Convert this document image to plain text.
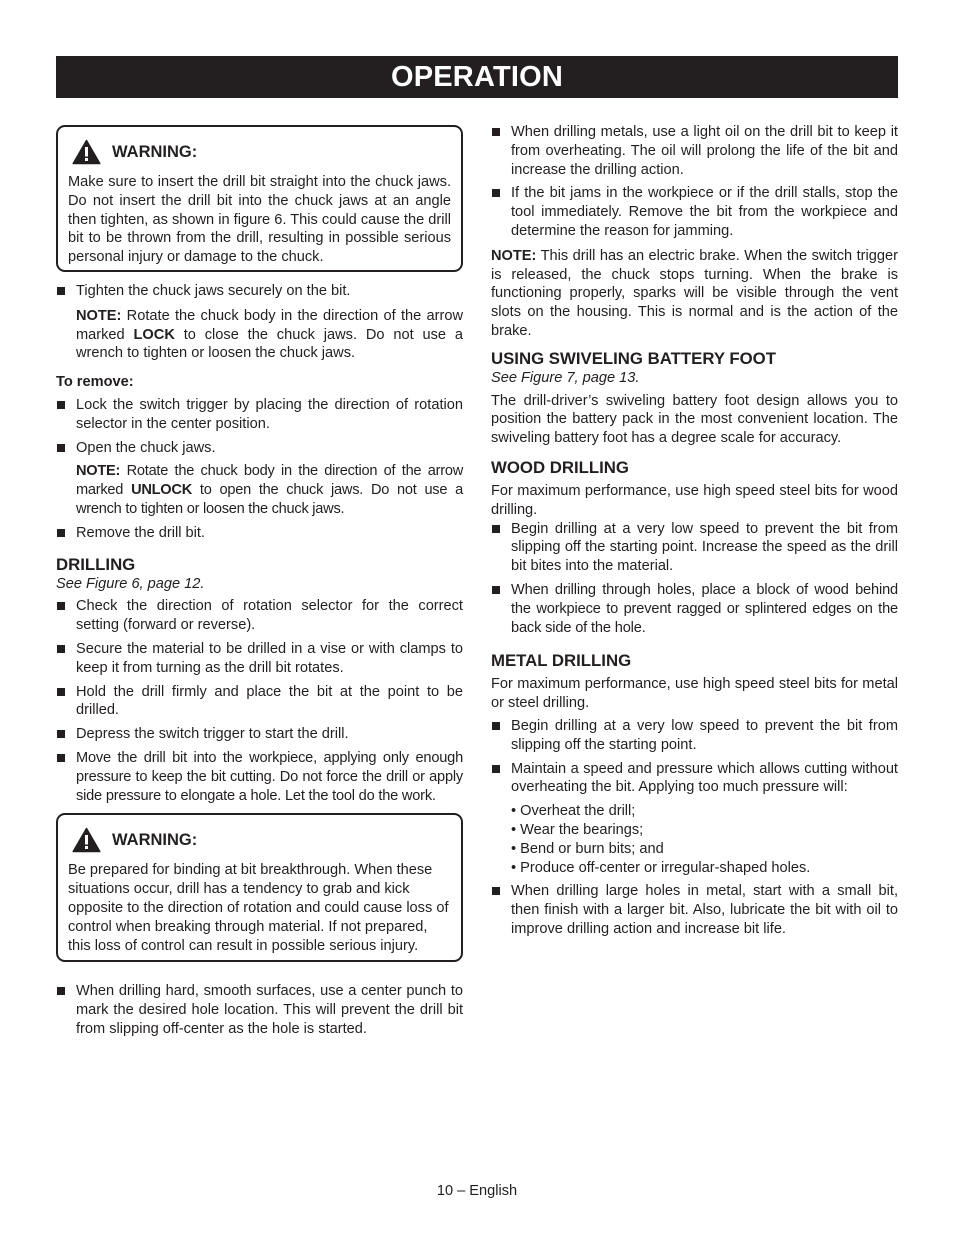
OPERATION
WARNING:
Make sure to insert the drill bit straight into the chuck jaws. Do not insert the drill bit into the chuck jaws at an angle then tighten, as shown in figure 6. This could cause the drill bit to be thrown from the drill, resulting in possible serious personal injury or damage to the chuck.
Tighten the chuck jaws securely on the bit.
NOTE: Rotate the chuck body in the direction of the arrow marked LOCK to close the chuck jaws. Do not use a wrench to tighten or loosen the chuck jaws.
To remove:
Lock the switch trigger by placing the direction of rotation selector in the center position.
Open the chuck jaws.
NOTE: Rotate the chuck body in the direction of the arrow marked UNLOCK to open the chuck jaws. Do not use a wrench to tighten or loosen the chuck jaws.
Remove the drill bit.
DRILLING
See Figure 6, page 12.
Check the direction of rotation selector for the correct setting (forward or reverse).
Secure the material to be drilled in a vise or with clamps to keep it from turning as the drill bit rotates.
Hold the drill firmly and place the bit at the point to be drilled.
Depress the switch trigger to start the drill.
Move the drill bit into the workpiece, applying only enough pressure to keep the bit cutting. Do not force the drill or apply side pressure to elongate a hole. Let the tool do the work.
WARNING:
Be prepared for binding at bit breakthrough. When these situations occur, drill has a tendency to grab and kick opposite to the direction of rotation and could cause loss of control when breaking through material. If not prepared, this loss of control can result in possible serious injury.
When drilling hard, smooth surfaces, use a center punch to mark the desired hole location. This will prevent the drill bit from slipping off-center as the hole is started.
When drilling metals, use a light oil on the drill bit to keep it from overheating. The oil will prolong the life of the bit and increase the drilling action.
If the bit jams in the workpiece or if the drill stalls, stop the tool immediately. Remove the bit from the workpiece and determine the reason for jamming.
NOTE: This drill has an electric brake. When the switch trigger is released, the chuck stops turning. When the brake is functioning properly, sparks will be visible through the vent slots on the housing. This is normal and is the action of the brake.
USING SWIVELING BATTERY FOOT
See Figure 7, page 13.
The drill-driver’s swiveling battery foot design allows you to position the battery pack in the most convenient location. The swiveling battery foot has a degree scale for accuracy.
WOOD DRILLING
For maximum performance, use high speed steel bits for wood drilling.
Begin drilling at a very low speed to prevent the bit from slipping off the starting point. Increase the speed as the drill bit bites into the material.
When drilling through holes, place a block of wood behind the workpiece to prevent ragged or splintered edges on the back side of the hole.
METAL DRILLING
For maximum performance, use high speed steel bits for metal or steel drilling.
Begin drilling at a very low speed to prevent the bit from slipping off the starting point.
Maintain a speed and pressure which allows cutting without overheating the bit. Applying too much pressure will:
• Overheat the drill;
• Wear the bearings;
• Bend or burn bits; and
• Produce off-center or irregular-shaped holes.
When drilling large holes in metal, start with a small bit, then finish with a larger bit. Also, lubricate the bit with oil to improve drilling action and increase bit life.
10 – English
